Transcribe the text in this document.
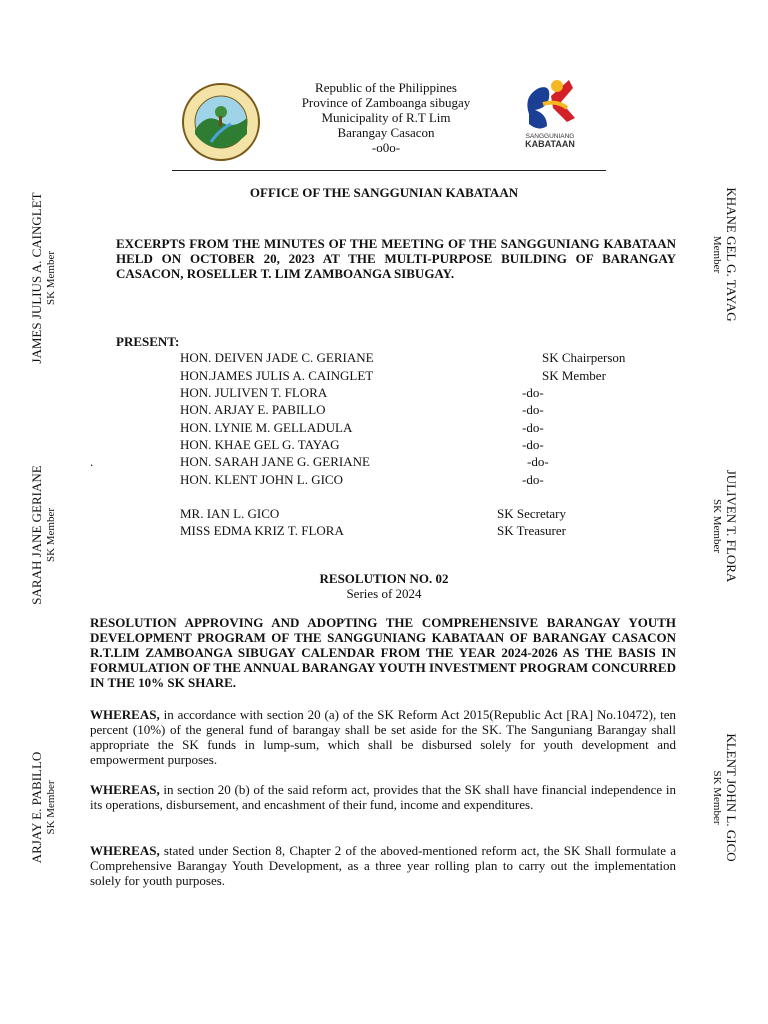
Republic of the Philippines
Province of Zamboanga sibugay
Municipality of R.T Lim
Barangay Casacon
-o0o-
SANGGUNIANG
KABATAAN
OFFICE OF THE SANGGUNIAN KABATAAN
EXCERPTS FROM THE MINUTES OF THE MEETING OF THE SANGGUNIANG KABATAAN HELD ON OCTOBER 20, 2023 AT THE MULTI-PURPOSE BUILDING OF BARANGAY CASACON, ROSELLER T. LIM ZAMBOANGA SIBUGAY.
PRESENT:
HON. DEIVEN JADE C. GERIANE	SK Chairperson
HON.JAMES JULIS A. CAINGLET	SK Member
HON. JULIVEN T. FLORA	-do-
HON. ARJAY E. PABILLO	-do-
HON. LYNIE M. GELLADULA	-do-
HON. KHAE GEL G. TAYAG	-do-
.	HON. SARAH JANE G. GERIANE	-do-
HON. KLENT JOHN L. GICO	-do-
MR. IAN L. GICO	SK Secretary
MISS EDMA KRIZ T. FLORA	SK Treasurer
RESOLUTION NO. 02
Series of 2024
RESOLUTION APPROVING AND ADOPTING THE COMPREHENSIVE BARANGAY YOUTH DEVELOPMENT PROGRAM OF THE SANGGUNIANG KABATAAN OF BARANGAY CASACON R.T.LIM ZAMBOANGA SIBUGAY CALENDAR FROM THE YEAR 2024-2026 AS THE BASIS IN FORMULATION OF THE ANNUAL BARANGAY YOUTH INVESTMENT PROGRAM CONCURRED IN THE 10% SK SHARE.
WHEREAS, in accordance with section 20 (a) of the SK Reform Act 2015(Republic Act [RA] No.10472), ten percent (10%) of the general fund of barangay shall be set aside for the SK. The Sanguniang Barangay shall appropriate the SK funds in lump-sum, which shall be disbursed solely for youth development and empowerment purposes.
WHEREAS, in section 20 (b) of the said reform act, provides that the SK shall have financial independence in its operations, disbursement, and encashment of their fund, income and expenditures.
WHEREAS, stated under Section 8, Chapter 2 of the aboved-mentioned reform act, the SK Shall formulate a Comprehensive Barangay Youth Development, as a three year rolling plan to carry out the implementation solely for youth purposes.
JAMES JULIUS A. CAINGLET SK Member
SARAH JANE GERIANE SK Member
ARJAY E. PABILLO SK Member
KHANE GEL G. TAYAG
Member
JULIVEN T. FLORA
SK Member
KLENT JOHN L. GICO
SK Member
